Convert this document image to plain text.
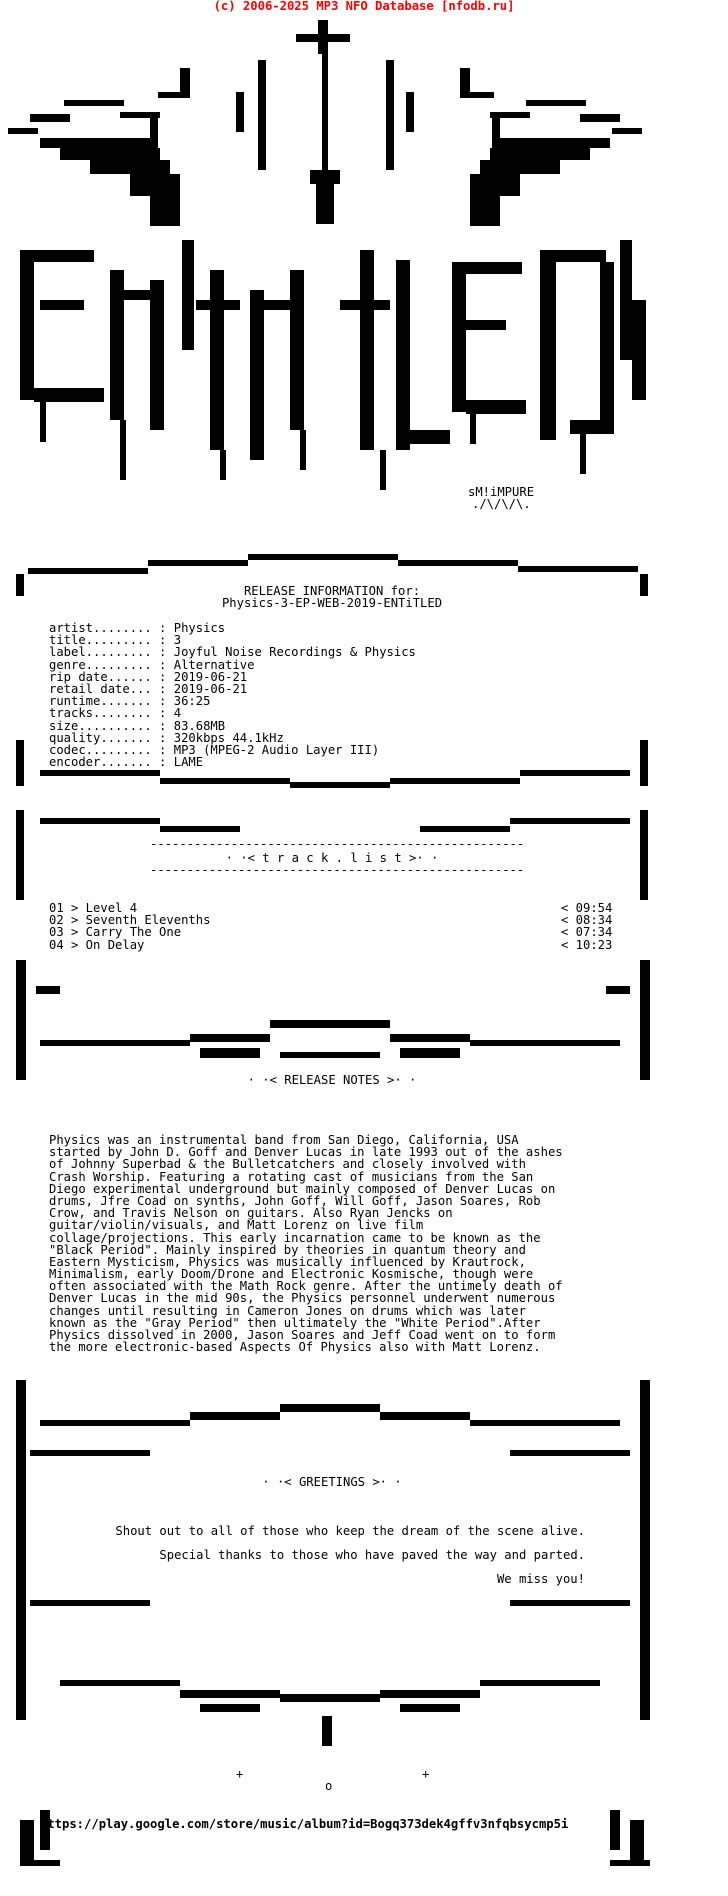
(c) 2006-2025 MP3 NFO Database [nfodb.ru]
sM!iMPURE
./\/\/\.
RELEASE INFORMATION for:
Physics-3-EP-WEB-2019-ENTiTLED
artist........ : Physics
title......... : 3
label......... : Joyful Noise Recordings & Physics
genre......... : Alternative
rip date...... : 2019-06-21
retail date... : 2019-06-21
runtime....... : 36:25
tracks........ : 4
size.......... : 83.68MB
quality....... : 320kbps 44.1kHz
codec......... : MP3 (MPEG-2 Audio Layer III)
encoder....... : LAME
---------------------------------------------------
· ·< t r a c k . l i s t >· ·
---------------------------------------------------
01 > Level 4	< 09:54
02 > Seventh Elevenths	< 08:34
03 > Carry The One	< 07:34
04 > On Delay	< 10:23
· ·< RELEASE NOTES >· ·
Physics was an instrumental band from San Diego, California, USA
started by John D. Goff and Denver Lucas in late 1993 out of the ashes
of Johnny Superbad & the Bulletcatchers and closely involved with
Crash Worship. Featuring a rotating cast of musicians from the San
Diego experimental underground but mainly composed of Denver Lucas on
drums, Jfre Coad on synths, John Goff, Will Goff, Jason Soares, Rob
Crow, and Travis Nelson on guitars. Also Ryan Jencks on
guitar/violin/visuals, and Matt Lorenz on live film
collage/projections. This early incarnation came to be known as the
"Black Period". Mainly inspired by theories in quantum theory and
Eastern Mysticism, Physics was musically influenced by Krautrock,
Minimalism, early Doom/Drone and Electronic Kosmische, though were
often associated with the Math Rock genre. After the untimely death of
Denver Lucas in the mid 90s, the Physics personnel underwent numerous
changes until resulting in Cameron Jones on drums which was later
known as the "Gray Period" then ultimately the "White Period".After
Physics dissolved in 2000, Jason Soares and Jeff Coad went on to form
the more electronic-based Aspects Of Physics also with Matt Lorenz.
· ·< GREETINGS >· ·
Shout out to all of those who keep the dream of the scene alive.
Special thanks to those who have paved the way and parted.
We miss you!
+	+
o
https://play.google.com/store/music/album?id=Bogq373dek4gffv3nfqbsycmp5i
